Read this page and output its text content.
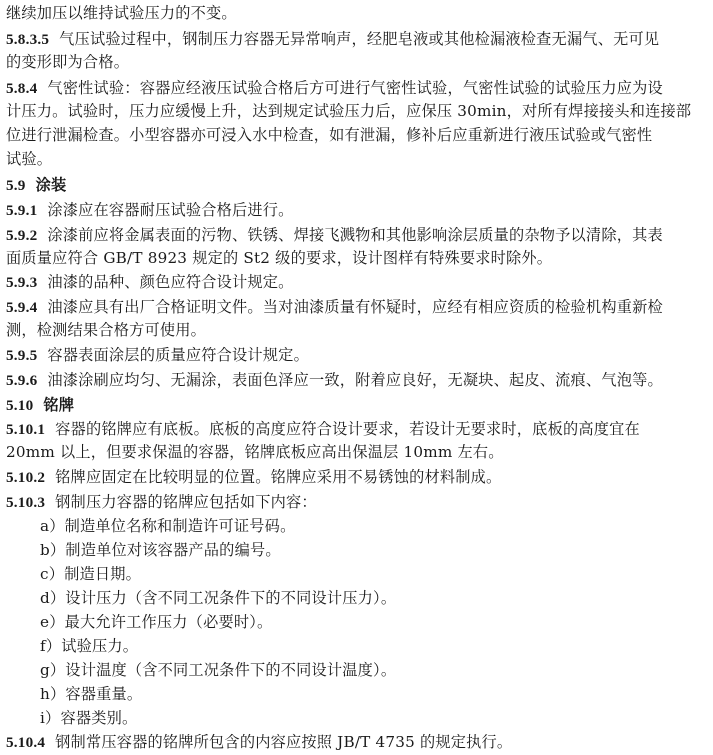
继续加压以维持试验压力的不变。
5.8.3.5 气压试验过程中，钢制压力容器无异常响声，经肥皂液或其他检漏液检查无漏气、无可见
的变形即为合格。
5.8.4 气密性试验：容器应经液压试验合格后方可进行气密性试验，气密性试验的试验压力应为设
计压力。试验时，压力应缓慢上升，达到规定试验压力后，应保压 30min，对所有焊接接头和连接部
位进行泄漏检查。小型容器亦可浸入水中检查，如有泄漏，修补后应重新进行液压试验或气密性
试验。
5.9 涂装
5.9.1 涂漆应在容器耐压试验合格后进行。
5.9.2 涂漆前应将金属表面的污物、铁锈、焊接飞溅物和其他影响涂层质量的杂物予以清除，其表
面质量应符合 GB/T 8923 规定的 St2 级的要求，设计图样有特殊要求时除外。
5.9.3 油漆的品种、颜色应符合设计规定。
5.9.4 油漆应具有出厂合格证明文件。当对油漆质量有怀疑时，应经有相应资质的检验机构重新检
测，检测结果合格方可使用。
5.9.5 容器表面涂层的质量应符合设计规定。
5.9.6 油漆涂刷应均匀、无漏涂，表面色泽应一致，附着应良好，无凝块、起皮、流痕、气泡等。
5.10 铭牌
5.10.1 容器的铭牌应有底板。底板的高度应符合设计要求，若设计无要求时，底板的高度宜在
20mm 以上，但要求保温的容器，铭牌底板应高出保温层 10mm 左右。
5.10.2 铭牌应固定在比较明显的位置。铭牌应采用不易锈蚀的材料制成。
5.10.3 钢制压力容器的铭牌应包括如下内容：
a）制造单位名称和制造许可证号码。
b）制造单位对该容器产品的编号。
c）制造日期。
d）设计压力（含不同工况条件下的不同设计压力）。
e）最大允许工作压力（必要时）。
f）试验压力。
g）设计温度（含不同工况条件下的不同设计温度）。
h）容器重量。
i）容器类别。
5.10.4 钢制常压容器的铭牌所包含的内容应按照 JB/T 4735 的规定执行。
